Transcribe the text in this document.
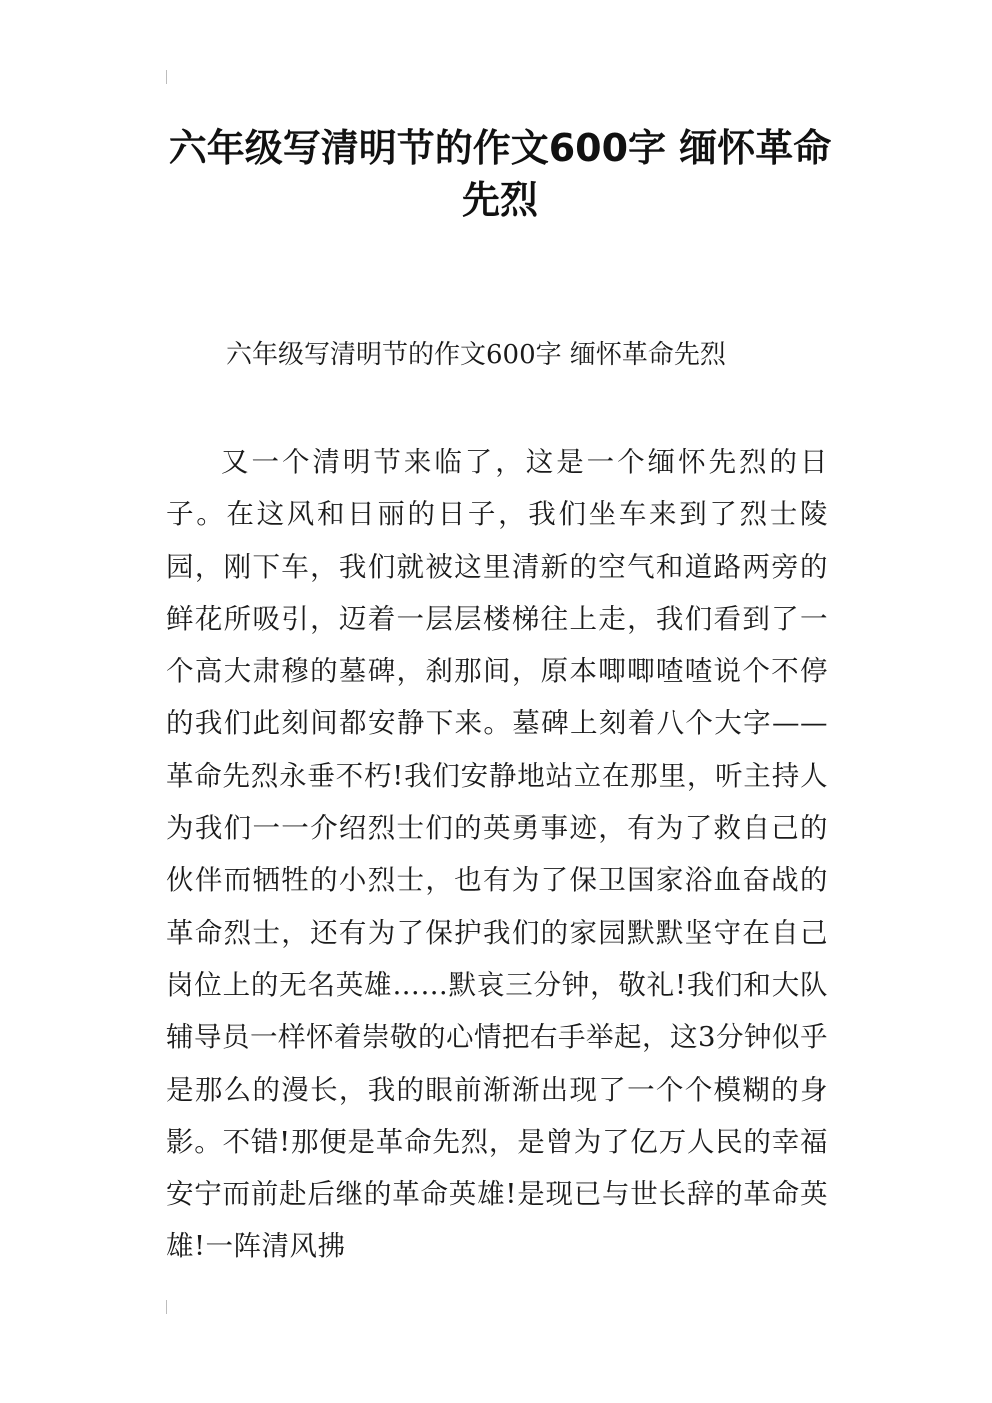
六年级写清明节的作文600字 缅怀革命先烈

六年级写清明节的作文600字 缅怀革命先烈

又一个清明节来临了，这是一个缅怀先烈的日子。在这风和日丽的日子，我们坐车来到了烈士陵园，刚下车，我们就被这里清新的空气和道路两旁的鲜花所吸引，迈着一层层楼梯往上走，我们看到了一个高大肃穆的墓碑，刹那间，原本唧唧喳喳说个不停的我们此刻间都安静下来。墓碑上刻着八个大字——革命先烈永垂不朽!我们安静地站立在那里，听主持人为我们一一介绍烈士们的英勇事迹，有为了救自己的伙伴而牺牲的小烈士，也有为了保卫国家浴血奋战的革命烈士，还有为了保护我们的家园默默坚守在自己岗位上的无名英雄……默哀三分钟，敬礼!我们和大队辅导员一样怀着崇敬的心情把右手举起，这3分钟似乎是那么的漫长，我的眼前渐渐出现了一个个模糊的身影。不错!那便是革命先烈，是曾为了亿万人民的幸福安宁而前赴后继的革命英雄!是现已与世长辞的革命英雄!一阵清风拂
